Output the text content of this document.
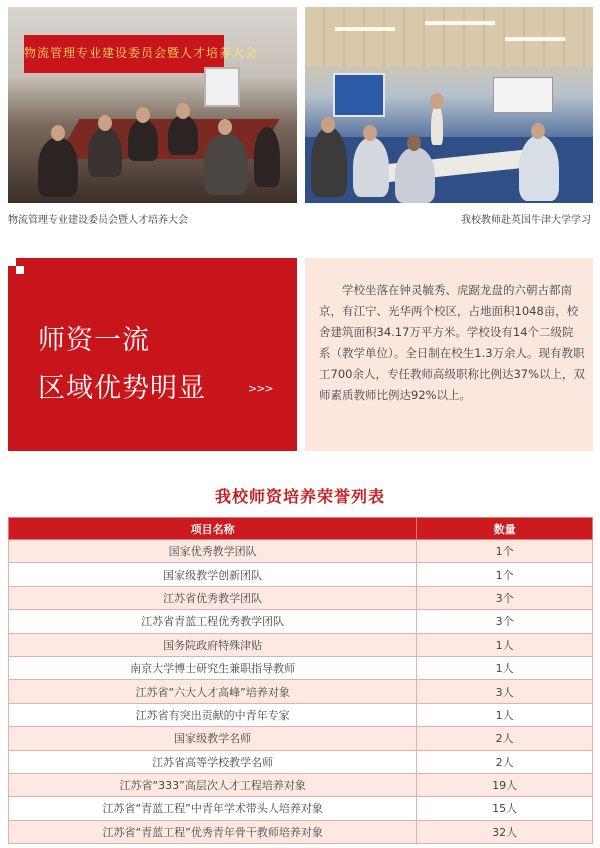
物流管理专业建设委员会暨人才培养大会
物流管理专业建设委员会暨人才培养大会	我校教师赴英国牛津大学学习
师资一流
区域优势明显	>>>

学校坐落在钟灵毓秀、虎踞龙盘的六朝古都南京，有江宁、光华两个校区，占地面积1048亩，校舍建筑面积34.17万平方米。学校设有14个二级院系（教学单位）。全日制在校生1.3万余人。现有教职工700余人，专任教师高级职称比例达37%以上，双师素质教师比例达92%以上。

我校师资培养荣誉列表
项目名称	数量
国家优秀教学团队	1个
国家级教学创新团队	1个
江苏省优秀教学团队	3个
江苏省青蓝工程优秀教学团队	3个
国务院政府特殊津贴	1人
南京大学博士研究生兼职指导教师	1人
江苏省“六大人才高峰”培养对象	3人
江苏省有突出贡献的中青年专家	1人
国家级教学名师	2人
江苏省高等学校教学名师	2人
江苏省“333”高层次人才工程培养对象	19人
江苏省“青蓝工程”中青年学术带头人培养对象	15人
江苏省“青蓝工程”优秀青年骨干教师培养对象	32人
